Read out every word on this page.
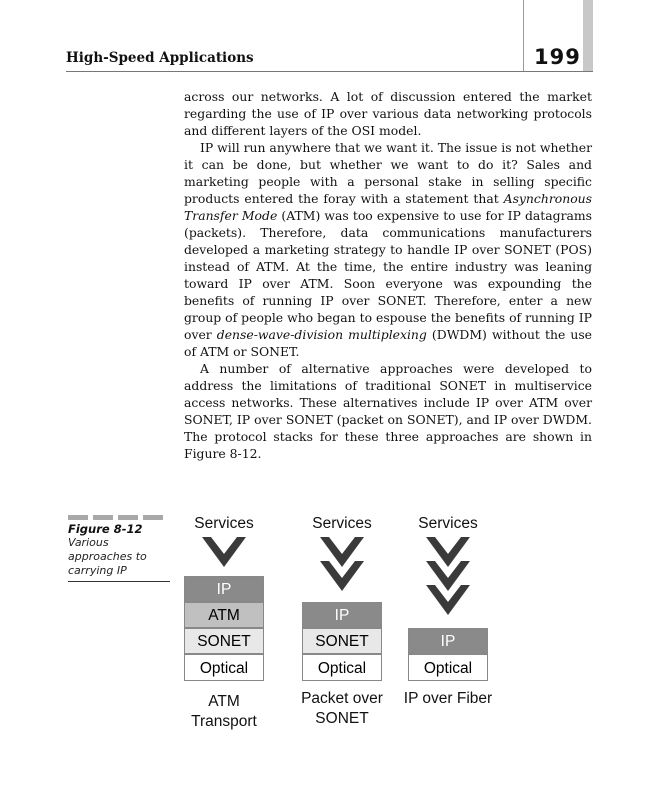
High-Speed Applications	199

across our networks. A lot of discussion entered the market regarding the use of IP over various data networking protocols and different layers of the OSI model.

IP will run anywhere that we want it. The issue is not whether it can be done, but whether we want to do it? Sales and marketing people with a personal stake in selling specific products entered the foray with a statement that Asynchronous Transfer Mode (ATM) was too expensive to use for IP datagrams (packets). Therefore, data communications manufacturers developed a marketing strategy to handle IP over SONET (POS) instead of ATM. At the time, the entire industry was leaning toward IP over ATM. Soon everyone was expounding the benefits of running IP over SONET. Therefore, enter a new group of people who began to espouse the benefits of running IP over dense-wave-division multiplexing (DWDM) without the use of ATM or SONET.

A number of alternative approaches were developed to address the limitations of traditional SONET in multiservice access networks. These alternatives include IP over ATM over SONET, IP over SONET (packet on SONET), and IP over DWDM. The protocol stacks for these three approaches are shown in Figure 8-12.

Figure 8-12
Various approaches to carrying IP
Services
Optical
SONET
ATM
IP
ATM
Transport
Services
Optical
SONET
IP
Packet over
SONET
Services
Optical
IP
IP over Fiber
